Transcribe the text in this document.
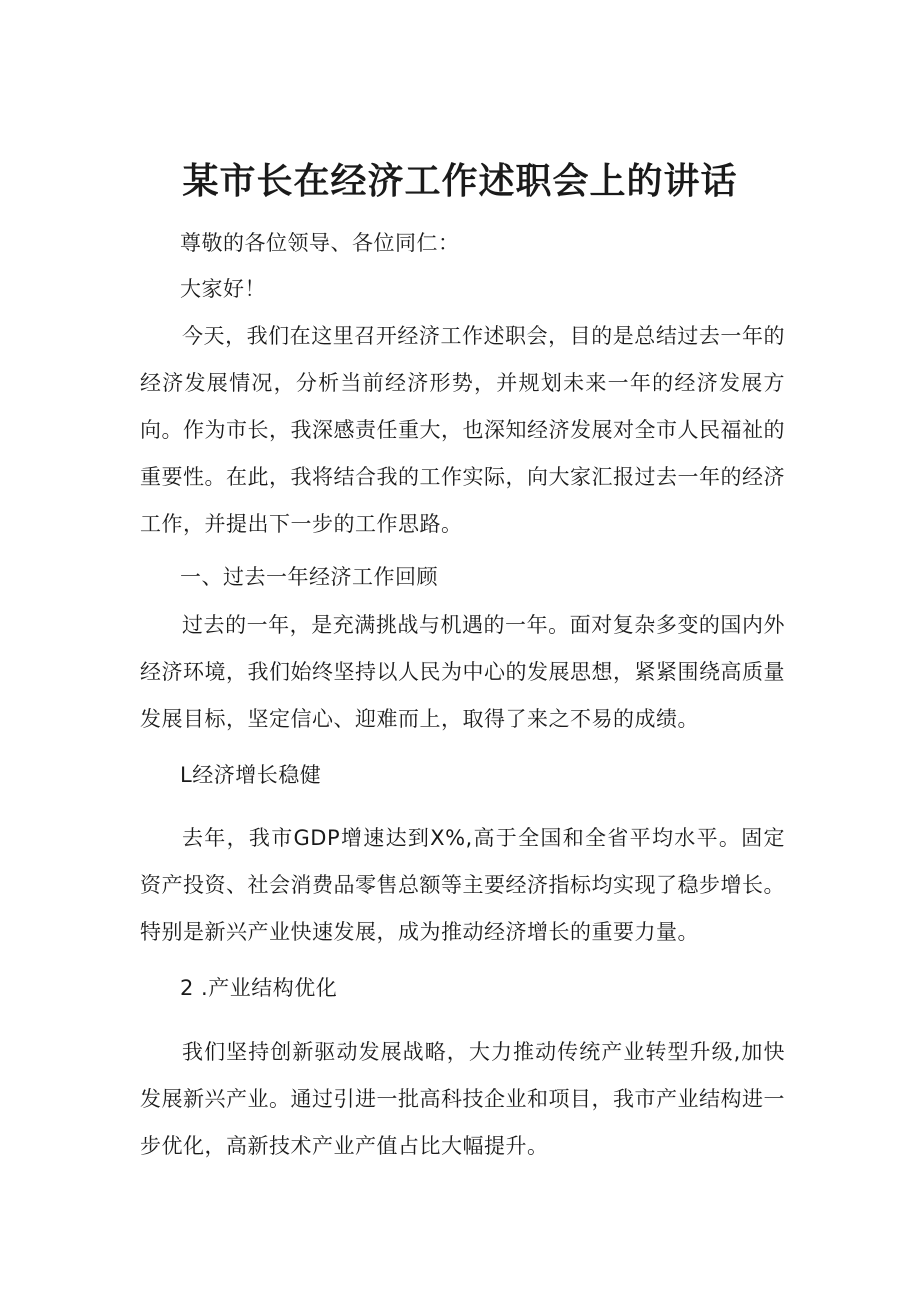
某市长在经济工作述职会上的讲话

尊敬的各位领导、各位同仁：

大家好！

今天，我们在这里召开经济工作述职会，目的是总结过去一年的经济发展情况，分析当前经济形势，并规划未来一年的经济发展方向。作为市长，我深感责任重大，也深知经济发展对全市人民福祉的重要性。在此，我将结合我的工作实际，向大家汇报过去一年的经济工作，并提出下一步的工作思路。

一、过去一年经济工作回顾

过去的一年，是充满挑战与机遇的一年。面对复杂多变的国内外经济环境，我们始终坚持以人民为中心的发展思想，紧紧围绕高质量发展目标，坚定信心、迎难而上，取得了来之不易的成绩。

L经济增长稳健

去年，我市GDP增速达到X%,高于全国和全省平均水平。固定资产投资、社会消费品零售总额等主要经济指标均实现了稳步增长。特别是新兴产业快速发展，成为推动经济增长的重要力量。

2 .产业结构优化

我们坚持创新驱动发展战略，大力推动传统产业转型升级,加快发展新兴产业。通过引进一批高科技企业和项目，我市产业结构进一步优化，高新技术产业产值占比大幅提升。
